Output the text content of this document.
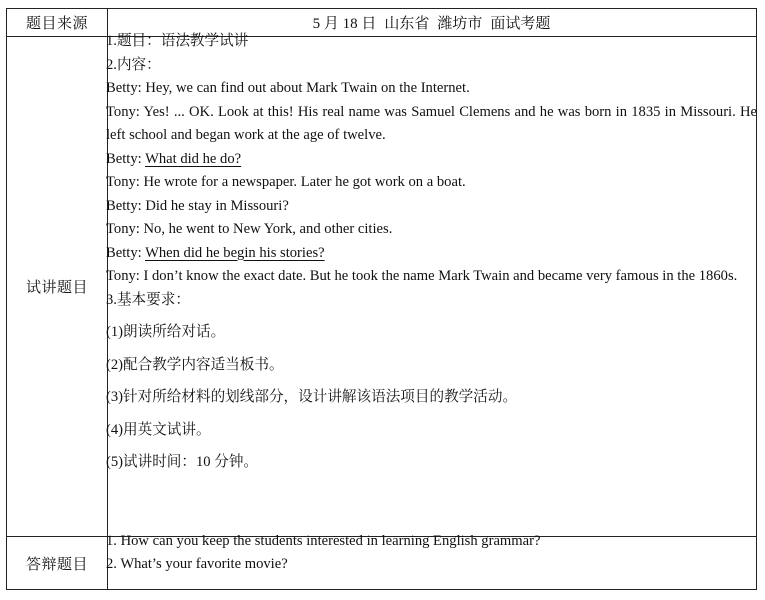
题目来源
试讲题目
答辩题目
5 月 18 日 山东省 潍坊市 面试考题
1.题目：语法教学试讲
2.内容：
Betty: Hey, we can find out about Mark Twain on the Internet.
Tony: Yes! ... OK. Look at this! His real name was Samuel Clemens and he was born in 1835 in Missouri. He left school and began work at the age of twelve.
Betty: What did he do?
Tony: He wrote for a newspaper. Later he got work on a boat.
Betty: Did he stay in Missouri?
Tony: No, he went to New York, and other cities.
Betty: When did he begin his stories?
Tony: I don’t know the exact date. But he took the name Mark Twain and became very famous in the 1860s.
3.基本要求：
(1)朗读所给对话。
(2)配合教学内容适当板书。
(3)针对所给材料的划线部分，设计讲解该语法项目的教学活动。
(4)用英文试讲。
(5)试讲时间：10 分钟。
1. How can you keep the students interested in learning English grammar?
2. What’s your favorite movie?
